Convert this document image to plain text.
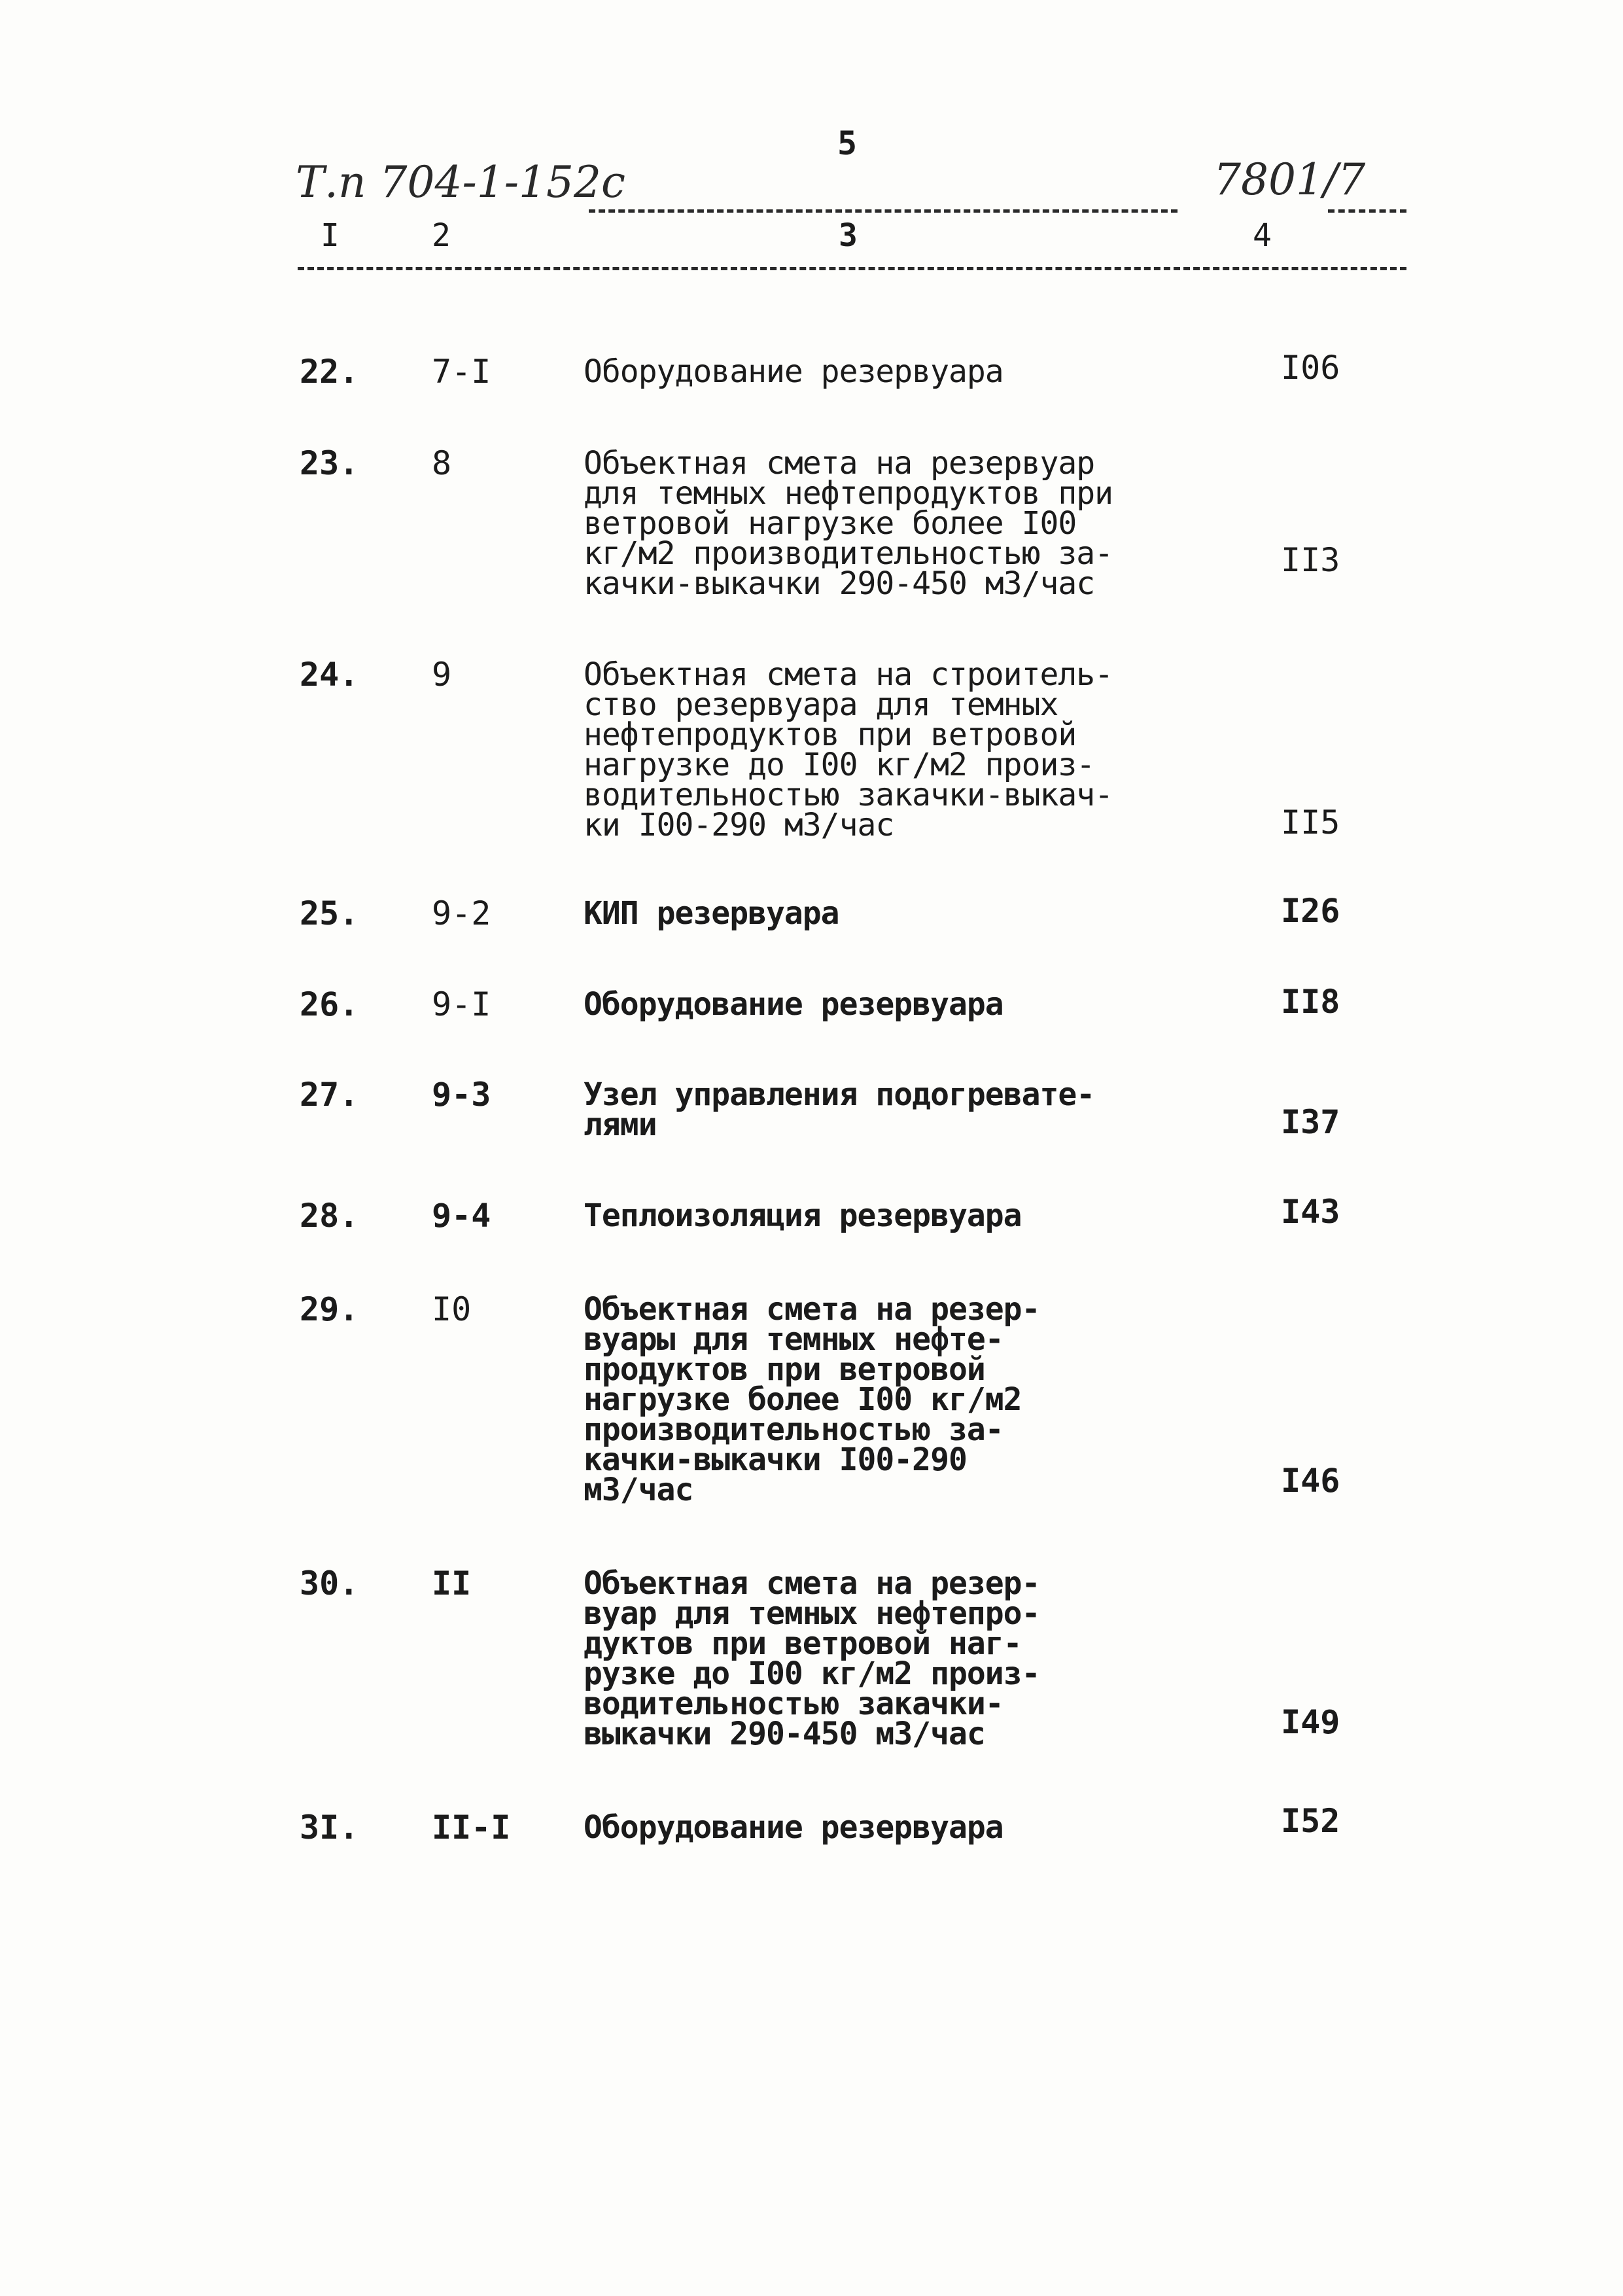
5
Т.п 704-1-152с	7801/7
I	2	3	4
22. 7-I	Оборудование резервуара	I06
23. 8	Объектная смета на резервуар
для темных нефтепродуктов при
ветровой нагрузке более I00
кг/м2 производительностью за-
качки-выкачки 290-450 м3/час
II3
24. 9	Объектная смета на строитель-
ство резервуара для темных
нефтепродуктов при ветровой
нагрузке до I00 кг/м2 произ-
водительностью закачки-выкач-
ки I00-290 м3/час	II5
25. 9-2	КИП резервуара	I26
26. 9-I	Оборудование резервуара	II8
27. 9-3	Узел управления подогревате-
лями	I37
28. 9-4	Теплоизоляция резервуара	I43
29. I0	Объектная смета на резер-
вуары для темных нефте-
продуктов при ветровой
нагрузке более I00 кг/м2
производительностью за-
качки-выкачки I00-290
м3/час	I46
30. II	Объектная смета на резер-
вуар для темных нефтепро-
дуктов при ветровой наг-
рузке до I00 кг/м2 произ-
водительностью закачки-
выкачки 290-450 м3/час	I49
3I. II-I Оборудование резервуара	I52
